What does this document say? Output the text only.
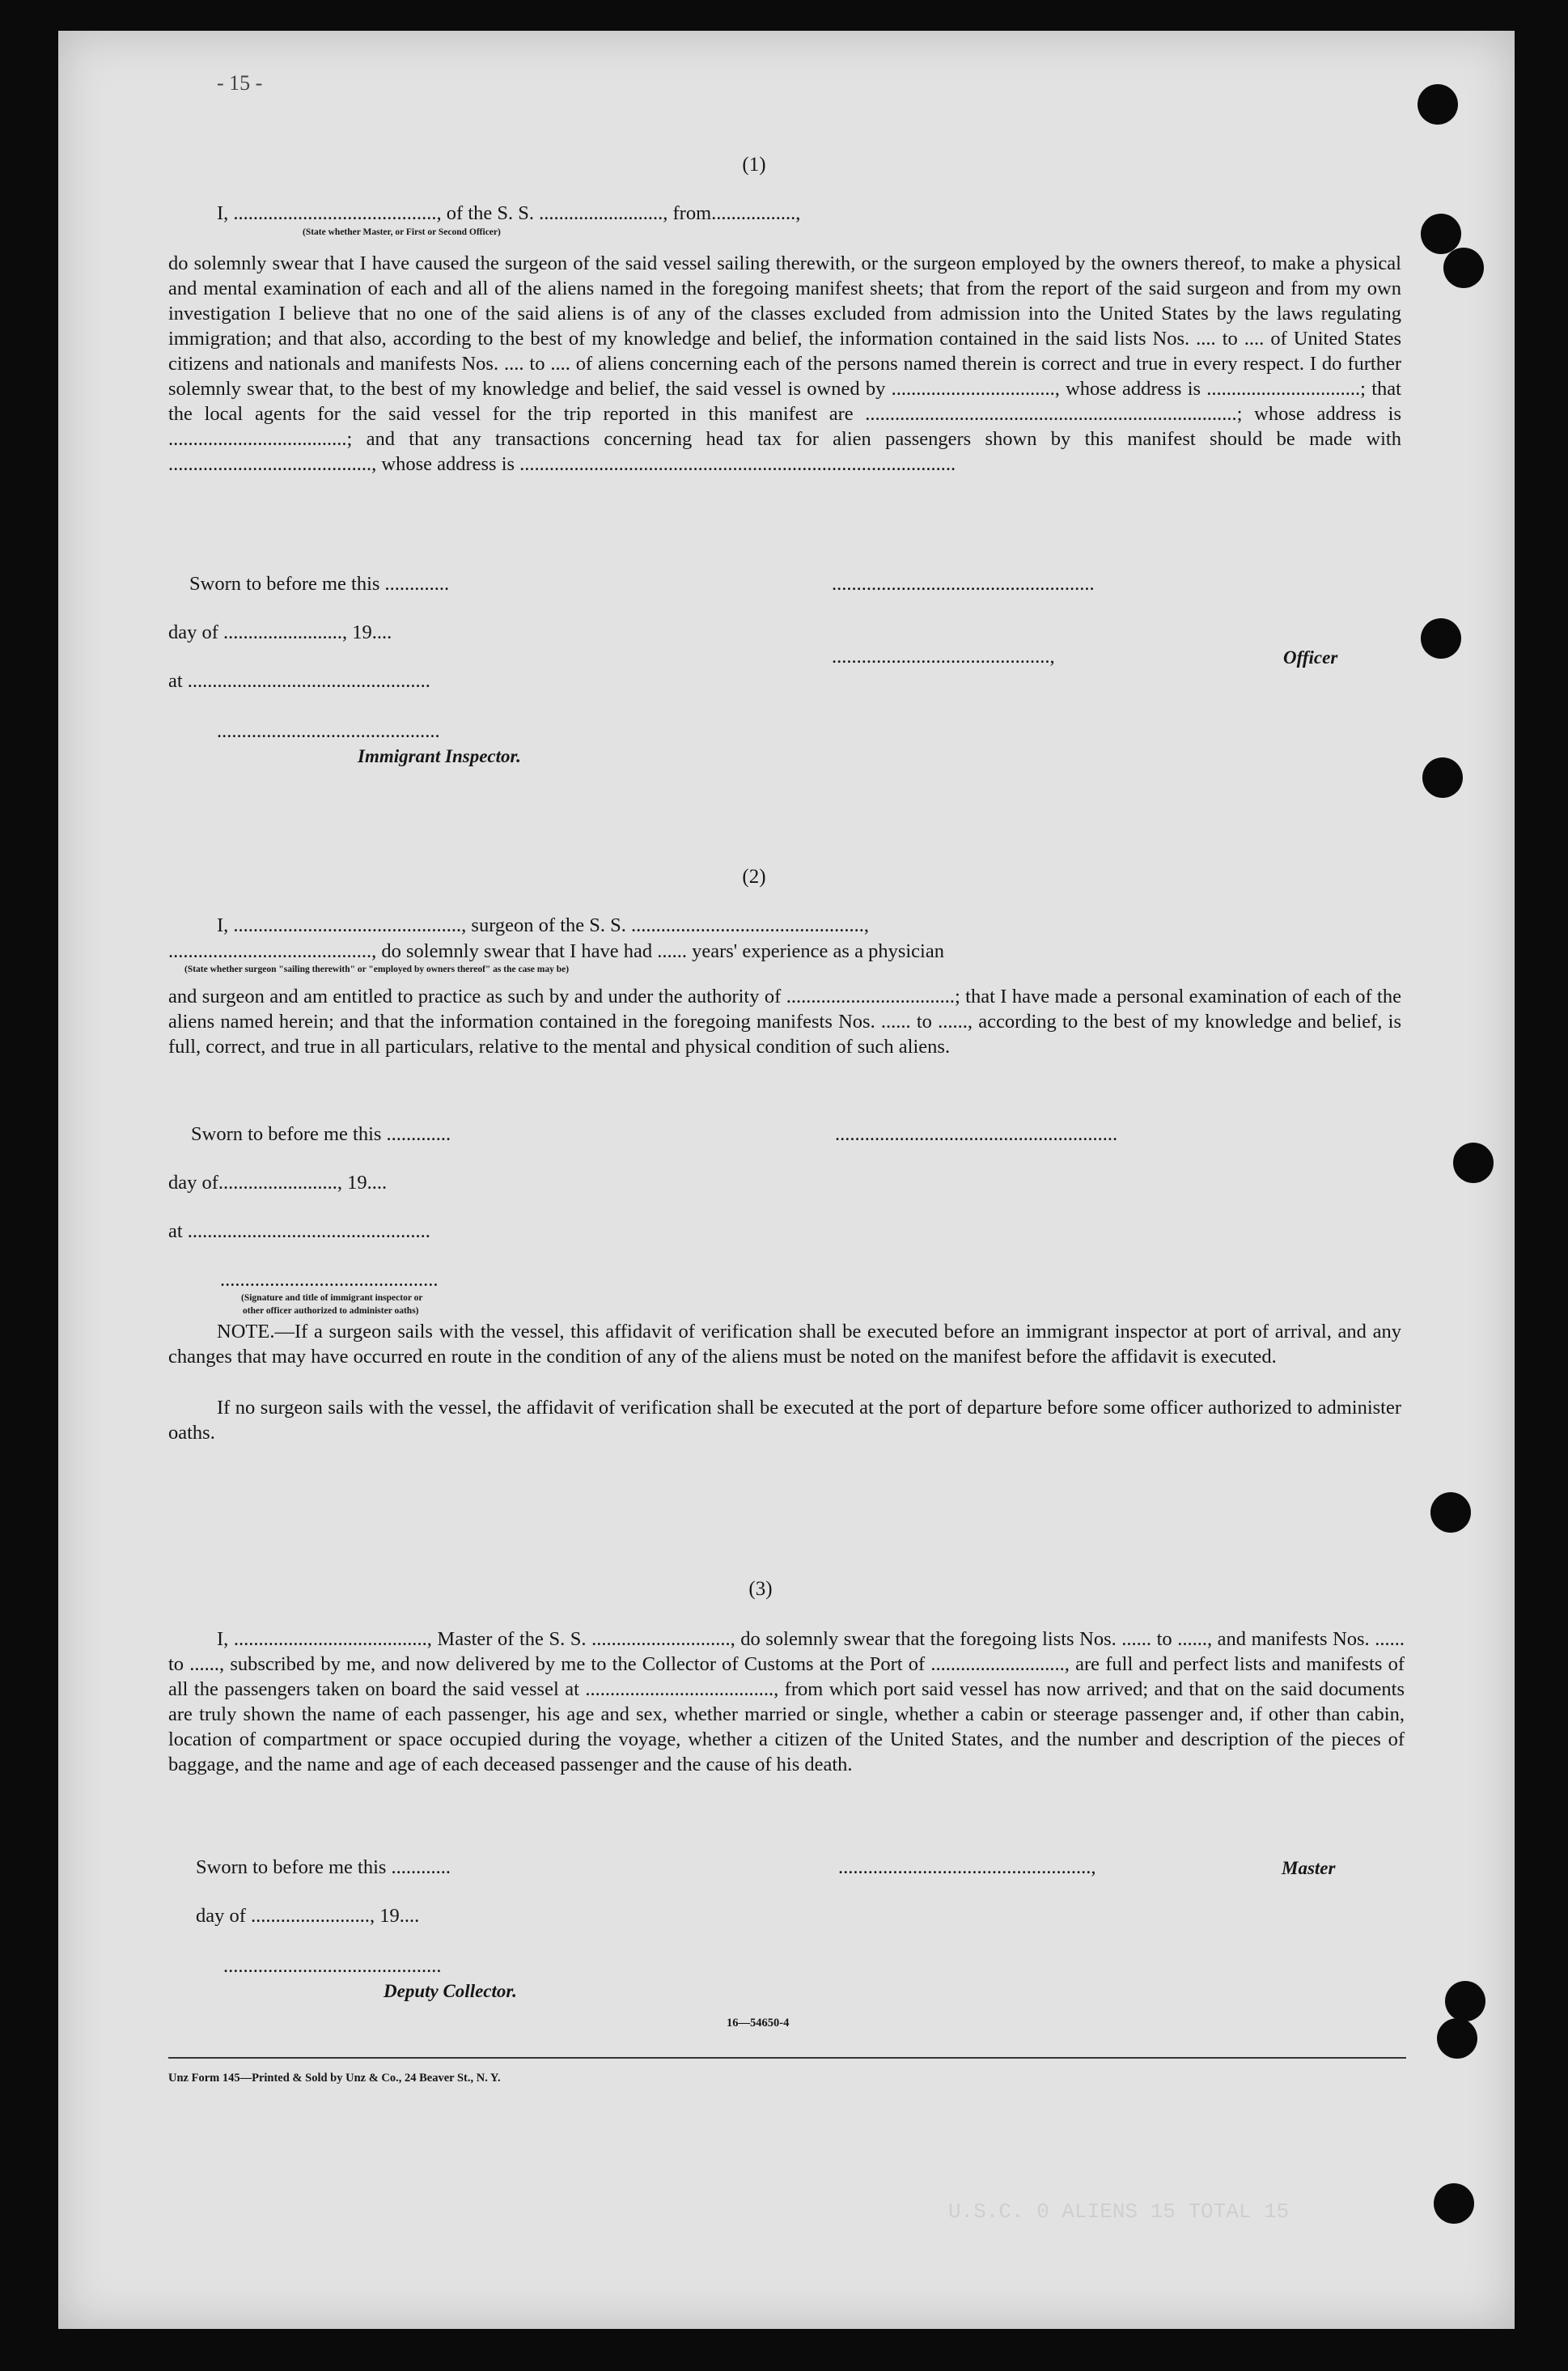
- 15 -
U.S.C. 0 ALIENS 15 TOTAL 15
(1)
I, ........................................., of the S. S. ........................., from.................,
(State whether Master, or First or Second Officer)
do solemnly swear that I have caused the surgeon of the said vessel sailing therewith, or the surgeon employed by the owners thereof, to make a physical and mental examination of each and all of the aliens named in the foregoing manifest sheets; that from the report of the said surgeon and from my own investigation I believe that no one of the said aliens is of any of the classes excluded from admission into the United States by the laws regulating immigration; and that also, according to the best of my knowledge and belief, the information contained in the said lists Nos. .... to .... of United States citizens and nationals and manifests Nos. .... to .... of aliens concerning each of the persons named therein is correct and true in every respect. I do further solemnly swear that, to the best of my knowledge and belief, the said vessel is owned by ................................., whose address is ...............................; that the local agents for the said vessel for the trip reported in this manifest are ...........................................................................; whose address is ....................................; and that any transactions concerning head tax for alien passengers shown by this manifest should be made with ........................................., whose address is ........................................................................................
Sworn to before me this .............	.....................................................
day of ........................, 19....
............................................,	Officer
at .................................................
.............................................
Immigrant Inspector.
(2)
I, .............................................., surgeon of the S. S. ...............................................,
........................................., do solemnly swear that I have had ...... years' experience as a physician
(State whether surgeon "sailing therewith" or "employed by owners thereof" as the case may be)
and surgeon and am entitled to practice as such by and under the authority of ..................................; that I have made a personal examination of each of the aliens named herein; and that the information contained in the foregoing manifests Nos. ...... to ......, according to the best of my knowledge and belief, is full, correct, and true in all particulars, relative to the mental and physical condition of such aliens.
Sworn to before me this .............	.........................................................
day of........................, 19....
at .................................................
............................................
(Signature and title of immigrant inspector or
other officer authorized to administer oaths)
NOTE.—If a surgeon sails with the vessel, this affidavit of verification shall be executed before an immigrant inspector at port of arrival, and any changes that may have occurred en route in the condition of any of the aliens must be noted on the manifest before the affidavit is executed.
If no surgeon sails with the vessel, the affidavit of verification shall be executed at the port of departure before some officer authorized to administer oaths.
(3)
I, ......................................., Master of the S. S. ............................, do solemnly swear that the foregoing lists Nos. ...... to ......, and manifests Nos. ...... to ......, subscribed by me, and now delivered by me to the Collector of Customs at the Port of ..........................., are full and perfect lists and manifests of all the passengers taken on board the said vessel at ......................................, from which port said vessel has now arrived; and that on the said documents are truly shown the name of each passenger, his age and sex, whether married or single, whether a cabin or steerage passenger and, if other than cabin, location of compartment or space occupied during the voyage, whether a citizen of the United States, and the number and description of the pieces of baggage, and the name and age of each deceased passenger and the cause of his death.
Sworn to before me this ............	...................................................,	Master
day of ........................, 19....
............................................
Deputy Collector.
16—54650-4
Unz Form 145—Printed & Sold by Unz & Co., 24 Beaver St., N. Y.
